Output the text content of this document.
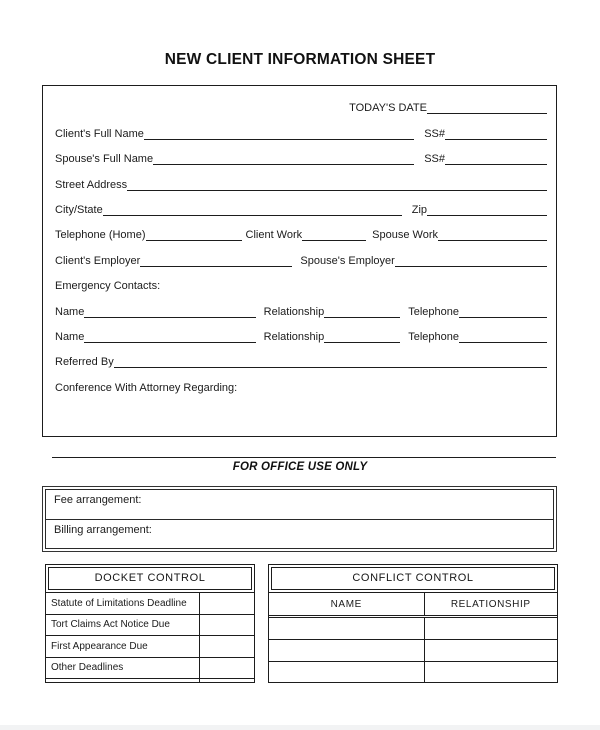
NEW CLIENT INFORMATION SHEET
TODAY'S DATE
Client's Full Name	SS#
Spouse's Full Name	SS#
Street Address
City/State	Zip
Telephone (Home)	Client Work	Spouse Work
Client's Employer	Spouse's Employer
Emergency Contacts:
Name	Relationship	Telephone
Name	Relationship	Telephone
Referred By
Conference With Attorney Regarding:
FOR OFFICE USE ONLY
Fee arrangement:
Billing arrangement:
DOCKET CONTROL
Statute of Limitations Deadline
Tort Claims Act Notice Due
First Appearance Due
Other Deadlines
CONFLICT CONTROL
NAME	RELATIONSHIP
